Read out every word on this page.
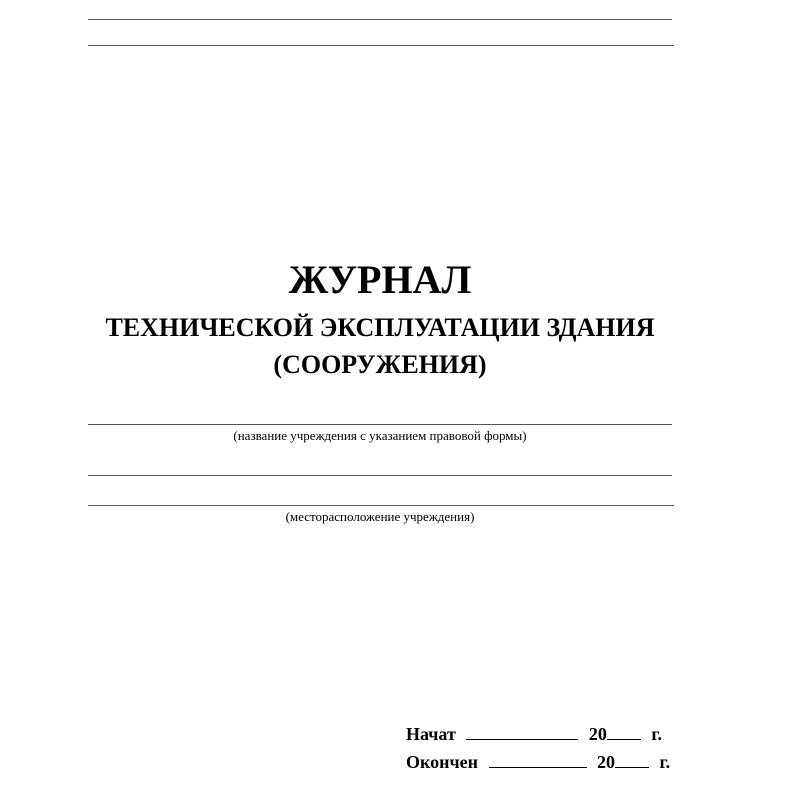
ЖУРНАЛ
ТЕХНИЧЕСКОЙ ЭКСПЛУАТАЦИИ ЗДАНИЯ
(СООРУЖЕНИЯ)
(название учреждения с указанием правовой формы)
(месторасположение учреждения)
Начат	20 г.
Окончен	20 г.
